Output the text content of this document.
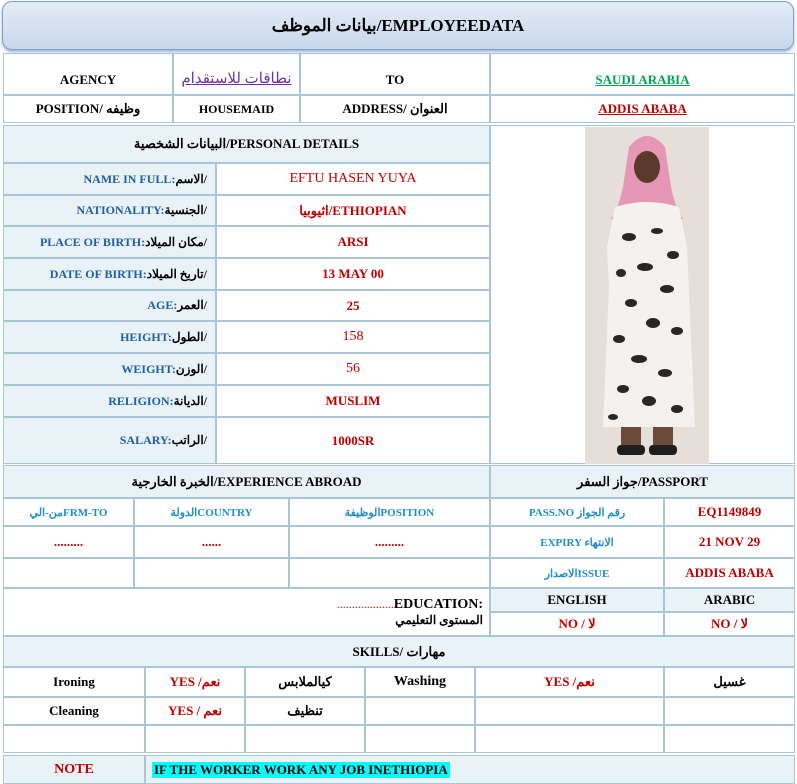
بيانات الموظف/EMPLOYEEDATA
AGENCY	نطاقات للاستقدام	TO	SAUDI ARABIA
POSITION/ وظيفه	HOUSEMAID	ADDRESS/ العنوان	ADDIS ABABA
البيانات الشخصية/PERSONAL DETAILS
NAME IN FULL: الاسم/	EFTU HASEN YUYA
NATIONALITY: الجنسية/	اثيوبيا/ETHIOPIAN
PLACE OF BIRTH: مكان الميلاد/	ARSI
DATE OF BIRTH: تاريخ الميلاد/	13 MAY 00
AGE: العمر/	25
HEIGHT: الطول/	158
WEIGHT: الوزن/	56
RELIGION: الديانة/	MUSLIM
SALARY: الراتب/	1000SR
الخبرة الخارجية/EXPERIENCE ABROAD	جواز السفر/PASSPORT
من-اليFRM-TO	الدولةCOUNTRY	الوظيفةPOSITION	PASS.NO رقم الجواز	EQ1149849
.........	......	.........	EXPIRY الانتهاء	21 NOV 29
الاصدارISSUE	ADDIS ABABA
...................EDUCATION:
المستوى التعليمي
ENGLISH	ARABIC
NO / لا	NO / لا
SKILLS/ مهارات
Ironing	YES /نعم	كيالملابس	Washing	YES /نعم	غسيل
Cleaning	YES / نعم	تنظيف
NOTE	IF THE WORKER WORK ANY JOB INETHIOPIA
